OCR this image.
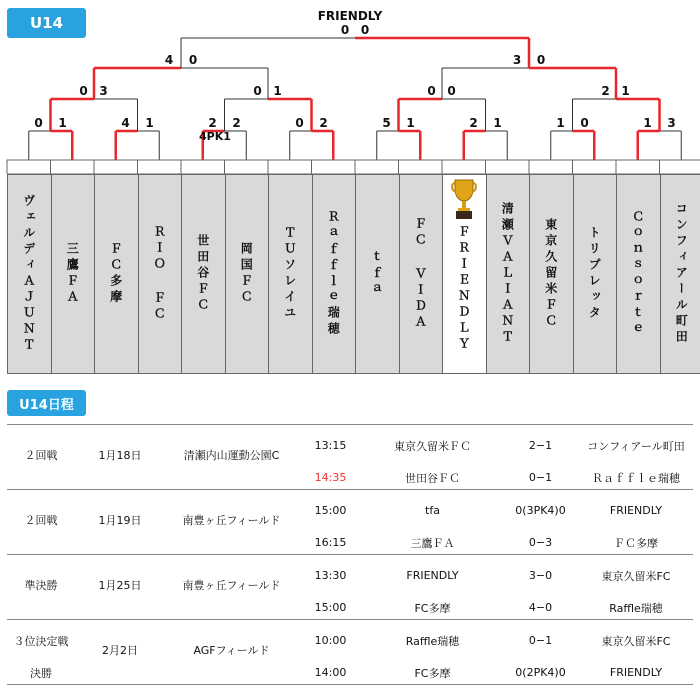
U14	FRIENDLY
4PK1
ヴェルディＡＪＵＮＴ 三鷹ＦＡ ＦＣ多摩 ＲＩＯ ＦＣ 世田谷ＦＣ 岡国ＦＣ ＴＵソレイユ Ｒａｆｆｌｅ瑞穂 ｔｆａ ＦＣ ＶＩＤＡ ＦＲＩＥＮＤＬＹ 清瀬ＶＡＬＩＡＮＴ 東京久留米ＦＣ トリプレッタ Ｃｏｎｓｏｒｔｅ コンフィアール町田
0	1	4	1	2	2	0	2	5	1	2	1	1	0	1	3
0 3	0 1	0 0	2 1
4	0	3	0
0 0
U14日程
２回戦	1月18日	清瀬内山運動公園C	13:15	東京久留米ＦＣ	2−1	コンフィアール町田
			14:35	世田谷ＦＣ	0−1	Ｒａｆｆｌｅ瑞穂
２回戦	1月19日	南豊ヶ丘フィールド	15:00	tfa	0(3PK4)0	FRIENDLY
			16:15	三鷹ＦＡ	0−3	ＦＣ多摩
準決勝	1月25日	南豊ヶ丘フィールド	13:30	FRIENDLY	3−0	東京久留米FC
			15:00	FC多摩	4−0	Raffle瑞穂
３位決定戦	2月2日	AGFフィールド	10:00	Raffle瑞穂	0−1	東京久留米FC
決勝			14:00	FC多摩	0(2PK4)0	FRIENDLY
